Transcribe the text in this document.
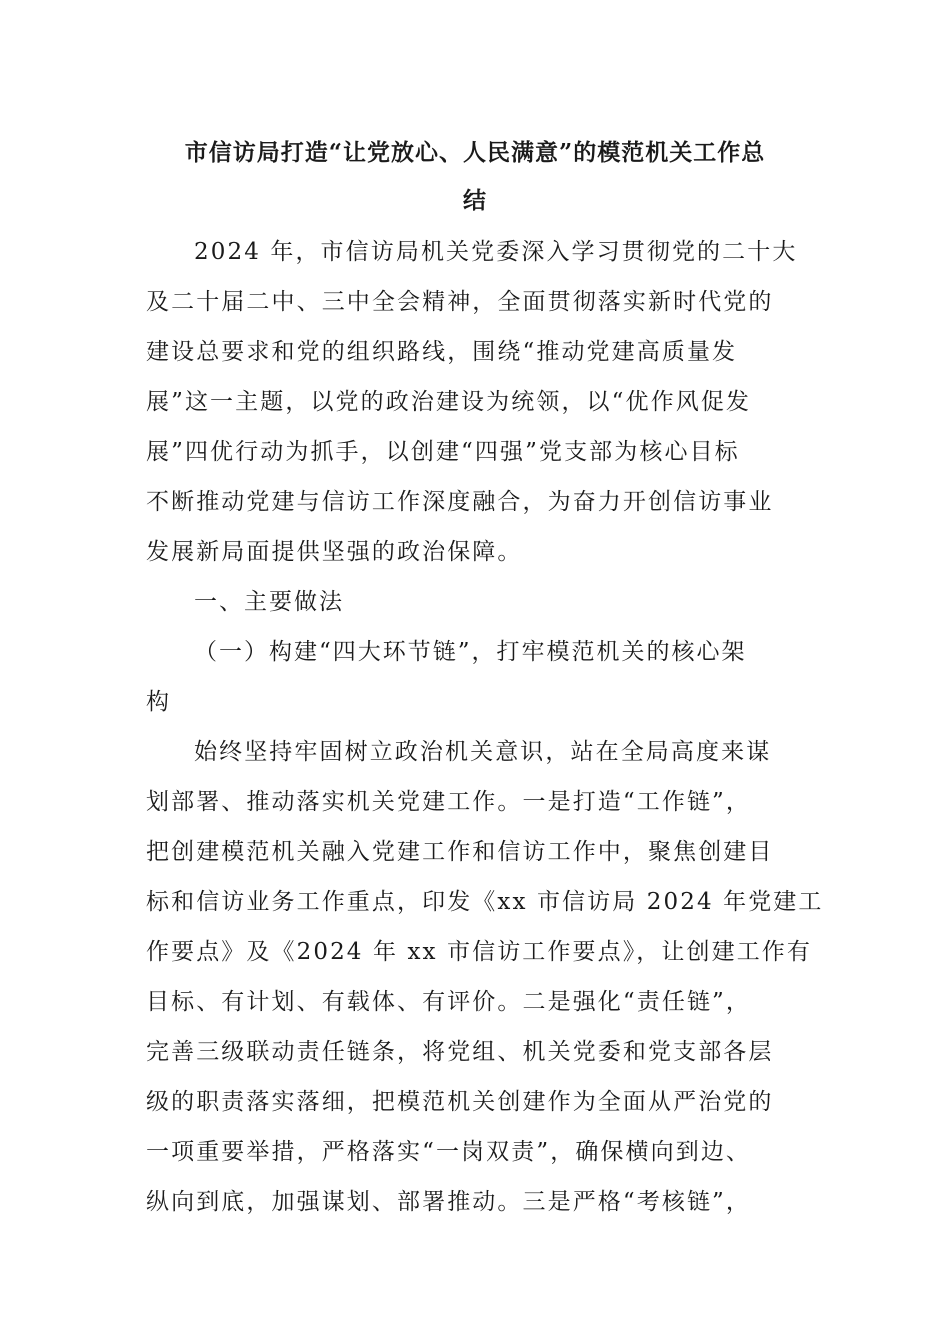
市信访局打造“让党放心、人民满意”的模范机关工作总
结
2024 年，市信访局机关党委深入学习贯彻党的二十大
及二十届二中、三中全会精神，全面贯彻落实新时代党的
建设总要求和党的组织路线，围绕“推动党建高质量发
展”这一主题，以党的政治建设为统领，以“优作风促发
展”四优行动为抓手，以创建“四强”党支部为核心目标
不断推动党建与信访工作深度融合，为奋力开创信访事业
发展新局面提供坚强的政治保障。
一、主要做法
（一）构建“四大环节链”，打牢模范机关的核心架
构
始终坚持牢固树立政治机关意识，站在全局高度来谋
划部署、推动落实机关党建工作。一是打造“工作链”，
把创建模范机关融入党建工作和信访工作中，聚焦创建目
标和信访业务工作重点，印发《xx 市信访局 2024 年党建工
作要点》及《2024 年 xx 市信访工作要点》，让创建工作有
目标、有计划、有载体、有评价。二是强化“责任链”，
完善三级联动责任链条，将党组、机关党委和党支部各层
级的职责落实落细，把模范机关创建作为全面从严治党的
一项重要举措，严格落实“一岗双责”，确保横向到边、
纵向到底，加强谋划、部署推动。三是严格“考核链”，
